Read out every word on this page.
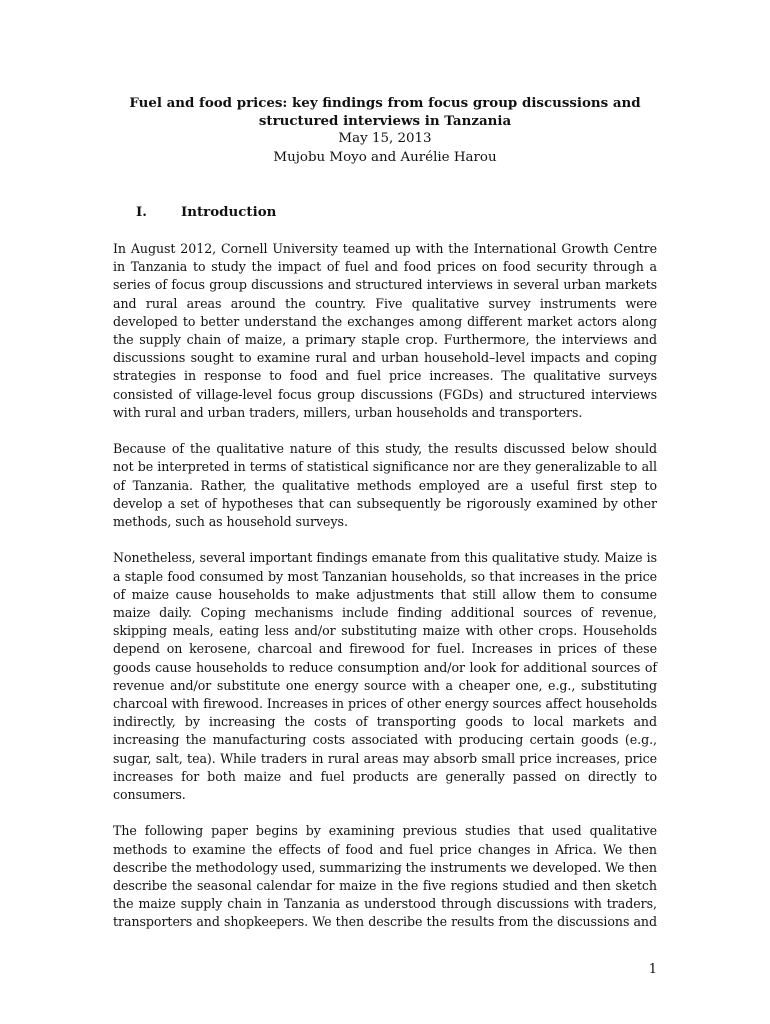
Fuel and food prices: key findings from focus group discussions and

structured interviews in Tanzania

May 15, 2013

Mujobu Moyo and Aurélie Harou

I.	Introduction

In August 2012, Cornell University teamed up with the International Growth Centre in Tanzania to study the impact of fuel and food prices on food security through a series of focus group discussions and structured interviews in several urban markets and rural areas around the country. Five qualitative survey instruments were developed to better understand the exchanges among different market actors along the supply chain of maize, a primary staple crop. Furthermore, the interviews and discussions sought to examine rural and urban household–level impacts and coping strategies in response to food and fuel price increases. The qualitative surveys consisted of village-level focus group discussions (FGDs) and structured interviews with rural and urban traders, millers, urban households and transporters.

Because of the qualitative nature of this study, the results discussed below should not be interpreted in terms of statistical significance nor are they generalizable to all of Tanzania. Rather, the qualitative methods employed are a useful first step to develop a set of hypotheses that can subsequently be rigorously examined by other methods, such as household surveys.

Nonetheless, several important findings emanate from this qualitative study. Maize is a staple food consumed by most Tanzanian households, so that increases in the price of maize cause households to make adjustments that still allow them to consume maize daily. Coping mechanisms include finding additional sources of revenue, skipping meals, eating less and/or substituting maize with other crops. Households depend on kerosene, charcoal and firewood for fuel. Increases in prices of these goods cause households to reduce consumption and/or look for additional sources of revenue and/or substitute one energy source with a cheaper one, e.g., substituting charcoal with firewood. Increases in prices of other energy sources affect households indirectly, by increasing the costs of transporting goods to local markets and increasing the manufacturing costs associated with producing certain goods (e.g., sugar, salt, tea). While traders in rural areas may absorb small price increases, price increases for both maize and fuel products are generally passed on directly to consumers.

The following paper begins by examining previous studies that used qualitative methods to examine the effects of food and fuel price changes in Africa. We then describe the methodology used, summarizing the instruments we developed. We then describe the seasonal calendar for maize in the five regions studied and then sketch the maize supply chain in Tanzania as understood through discussions with traders, transporters and shopkeepers. We then describe the results from the discussions and

1
